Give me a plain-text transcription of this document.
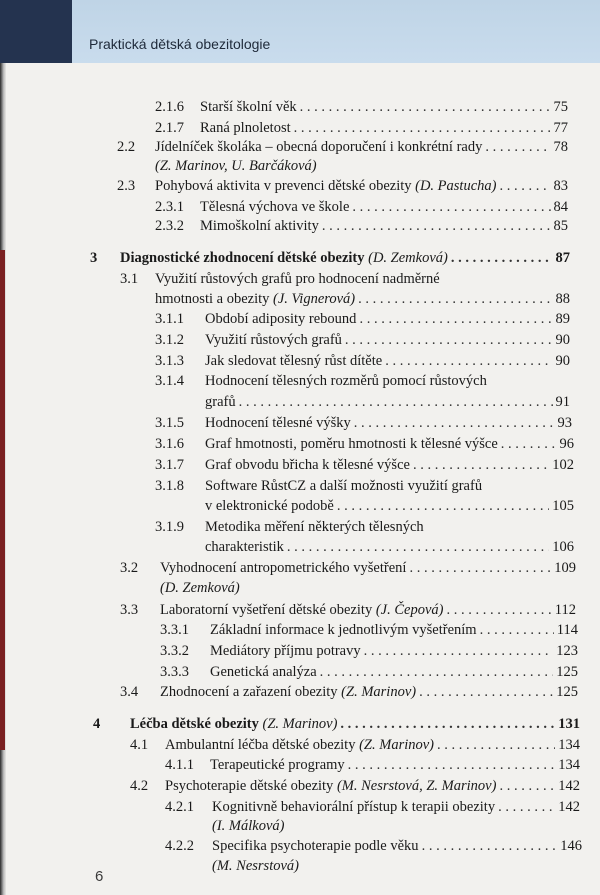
Praktická dětská obezitologie
2.1.6 Starší školní věk . . .	75
2.1.7 Raná plnoletost . . .	77
2.2 Jídelníček školáka – obecná doporučení i konkrétní rady . . .	78
(Z. Marinov, U. Barčáková)
2.3 Pohybová aktivita v prevenci dětské obezity (D. Pastucha) . . .	83
2.3.1 Tělesná výchova ve škole . . .	84
2.3.2 Mimoškolní aktivity . . .	85
3 Diagnostické zhodnocení dětské obezity (D. Zemková) . . .	87
3.1 Využití růstových grafů pro hodnocení nadměrné
hmotnosti a obezity (J. Vignerová) . . .	88
3.1.1 Období adiposity rebound . . .	89
3.1.2 Využití růstových grafů . . .	90
3.1.3 Jak sledovat tělesný růst dítěte . . .	90
3.1.4 Hodnocení tělesných rozměrů pomocí růstových
grafů . . .	91
3.1.5 Hodnocení tělesné výšky . . .	93
3.1.6 Graf hmotnosti, poměru hmotnosti k tělesné výšce . . .	96
3.1.7 Graf obvodu břicha k tělesné výšce . . .	102
3.1.8 Software RůstCZ a další možnosti využití grafů
v elektronické podobě . . .	105
3.1.9 Metodika měření některých tělesných
charakteristik . . .	106
3.2 Vyhodnocení antropometrického vyšetření . . .	109
(D. Zemková)
3.3 Laboratorní vyšetření dětské obezity (J. Čepová) . . .	112
3.3.1 Základní informace k jednotlivým vyšetřením . . .	114
3.3.2 Mediátory příjmu potravy . . .	123
3.3.3 Genetická analýza . . .	125
3.4 Zhodnocení a zařazení obezity (Z. Marinov) . . .	125
4 Léčba dětské obezity (Z. Marinov) . . .	131
4.1 Ambulantní léčba dětské obezity (Z. Marinov) . . .	134
4.1.1 Terapeutické programy . . .	134
4.2 Psychoterapie dětské obezity (M. Nesrstová, Z. Marinov) . . .	142
4.2.1 Kognitivně behaviorální přístup k terapii obezity . . .	142
(I. Málková)
4.2.2 Specifika psychoterapie podle věku . . .	146
(M. Nesrstová)
6
